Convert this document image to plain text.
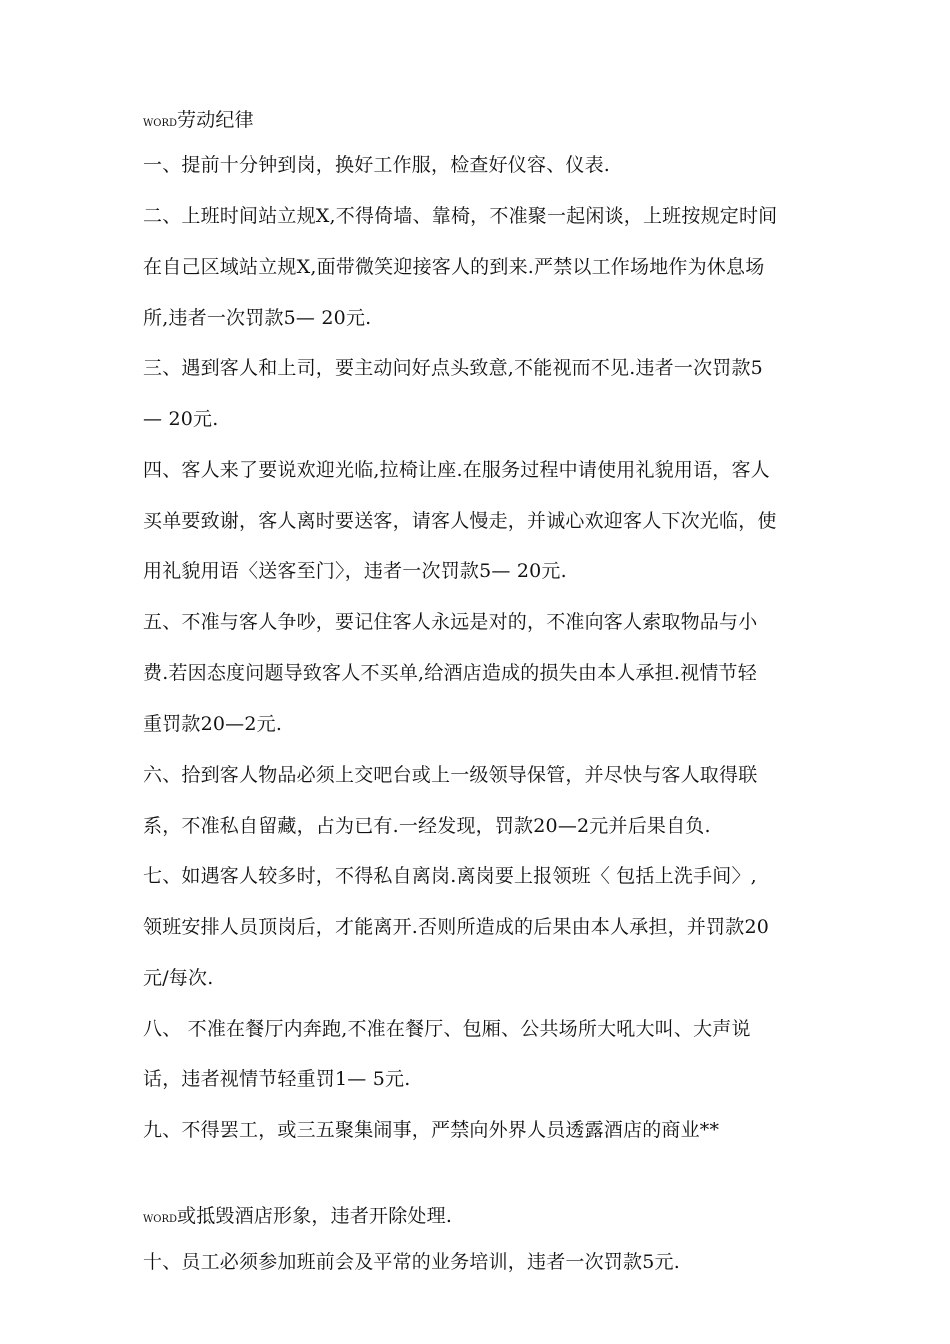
WORD劳动纪律
一、提前十分钟到岗，换好工作服，检查好仪容、仪表.
二、上班时间站立规X,不得倚墙、靠椅，不准聚一起闲谈，上班按规定时间
在自己区域站立规X,面带微笑迎接客人的到来.严禁以工作场地作为休息场
所,违者一次罚款5— 20元.
三、遇到客人和上司，要主动问好点头致意,不能视而不见.违者一次罚款5
— 20元.
四、客人来了要说欢迎光临,拉椅让座.在服务过程中请使用礼貌用语，客人
买单要致谢，客人离时要送客，请客人慢走，并诚心欢迎客人下次光临，使
用礼貌用语〈送客至门〉，违者一次罚款5— 20元.
五、不准与客人争吵，要记住客人永远是对的，不准向客人索取物品与小
费.若因态度问题导致客人不买单,给酒店造成的损失由本人承担.视情节轻
重罚款20—2元.
六、拾到客人物品必须上交吧台或上一级领导保管，并尽快与客人取得联
系，不准私自留藏，占为已有.一经发现，罚款20—2元并后果自负.
七、如遇客人较多时，不得私自离岗.离岗要上报领班〈 包括上洗手间〉,
领班安排人员顶岗后，才能离开.否则所造成的后果由本人承担，并罚款20
元/每次.
八、 不准在餐厅内奔跑,不准在餐厅、包厢、公共场所大吼大叫、大声说
话，违者视情节轻重罚1— 5元.
九、不得罢工，或三五聚集闹事，严禁向外界人员透露酒店的商业**
WORD或抵毁酒店形象，违者开除处理.
十、员工必须参加班前会及平常的业务培训，违者一次罚款5元.
